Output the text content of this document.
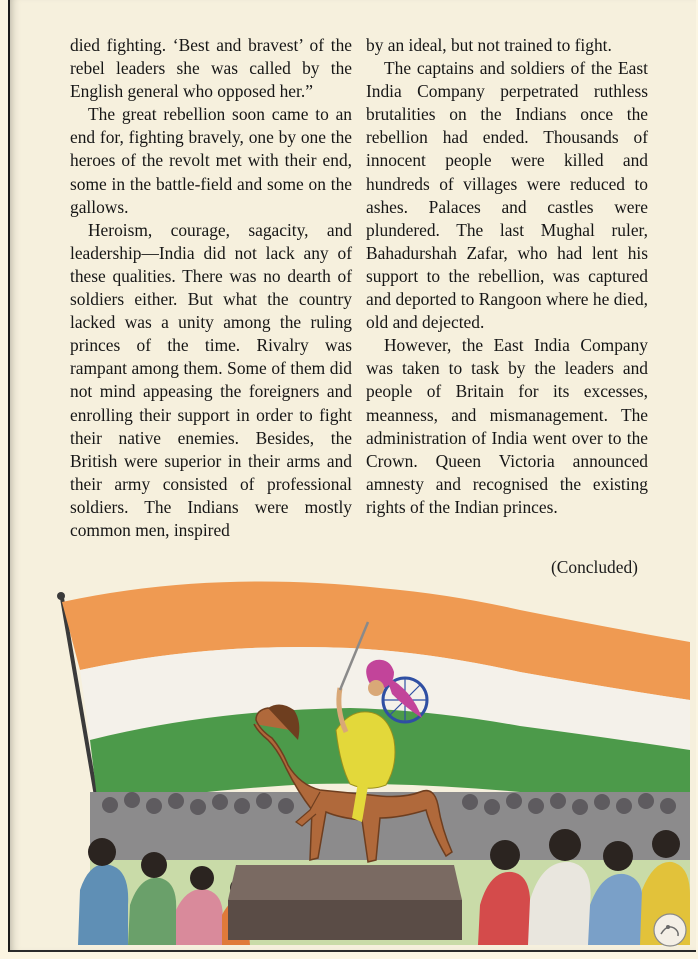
died fighting. ‘Best and bravest’ of the rebel leaders she was called by the English general who opposed her.”

The great rebellion soon came to an end for, fighting bravely, one by one the heroes of the revolt met with their end, some in the battle-field and some on the gallows.

Heroism, courage, sagacity, and leadership—India did not lack any of these qualities. There was no dearth of soldiers either. But what the country lacked was a unity among the ruling princes of the time. Rivalry was rampant among them. Some of them did not mind appeasing the foreigners and enrolling their support in order to fight their native enemies. Besides, the British were superior in their arms and their army consisted of professional soldiers. The Indians were mostly common men, inspired

by an ideal, but not trained to fight.

The captains and soldiers of the East India Company perpetrated ruthless brutalities on the Indians once the rebellion had ended. Thousands of innocent people were killed and hundreds of villages were reduced to ashes. Palaces and castles were plundered. The last Mughal ruler, Bahadurshah Zafar, who had lent his support to the rebellion, was captured and deported to Rangoon where he died, old and dejected.

However, the East India Company was taken to task by the leaders and people of Britain for its excesses, meanness, and mismanagement. The administration of India went over to the Crown. Queen Victoria announced amnesty and recognised the existing rights of the Indian princes.

(Concluded)
